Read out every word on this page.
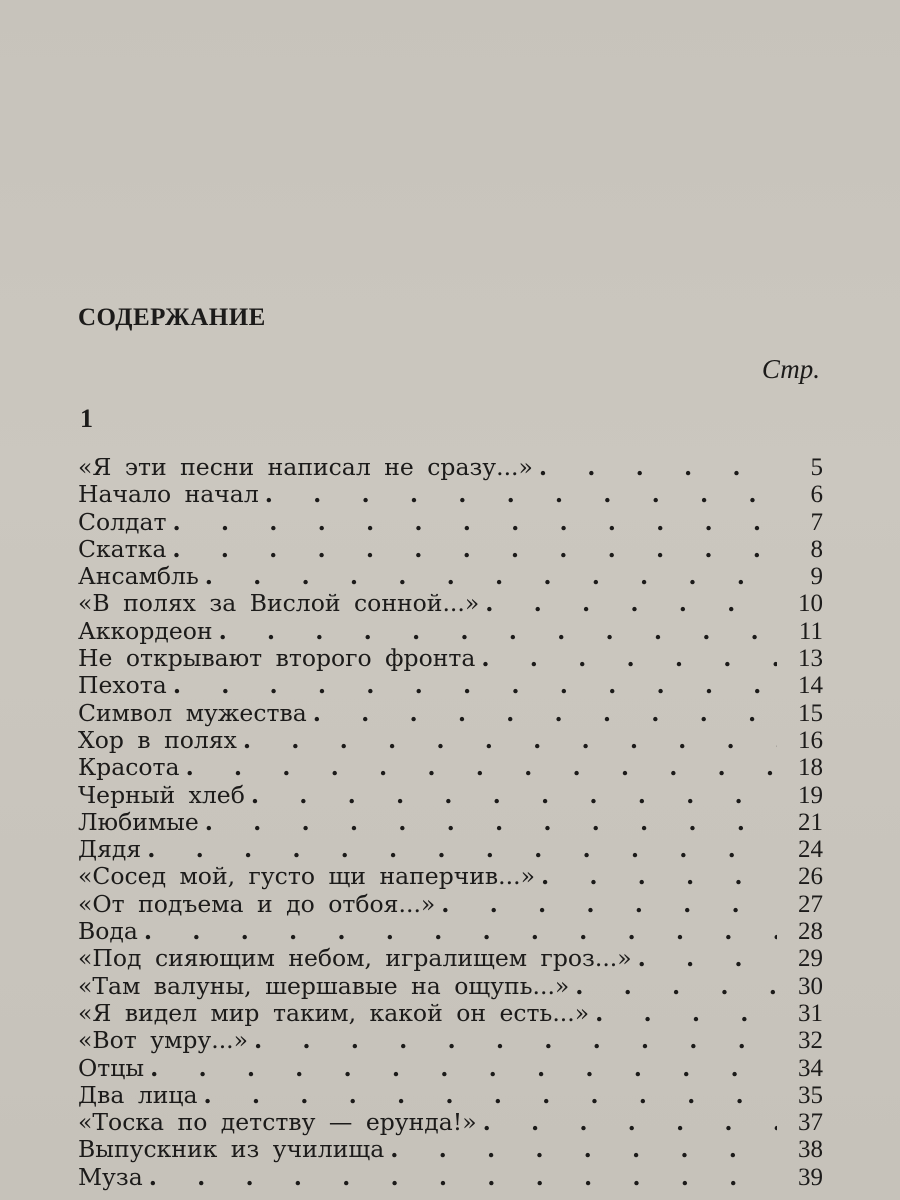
СОДЕРЖАНИЕ
Стр.
1
«Я эти песни написал не сразу...» . . .	5
Начало начал . . .	6
Солдат . . .	7
Скатка . . .	8
Ансамбль . . .	9
«В полях за Вислой сонной...» . . .	10
Аккордеон . . .	11
Не открывают второго фронта . . .	13
Пехота . . .	14
Символ мужества . . .	15
Хор в полях . . .	16
Красота . . .	18
Черный хлеб . . .	19
Любимые . . .	21
Дядя . . .	24
«Сосед мой, густо щи наперчив...» . . .	26
«От подъема и до отбоя...» . . .	27
Вода . . .	28
«Под сияющим небом, игралищем гроз...» . . .	29
«Там валуны, шершавые на ощупь...» . . .	30
«Я видел мир таким, какой он есть...» . . .	31
«Вот умру...» . . .	32
Отцы . . .	34
Два лица . . .	35
«Тоска по детству — ерунда!» . . .	37
Выпускник из училища . . .	38
Муза . . .	39
